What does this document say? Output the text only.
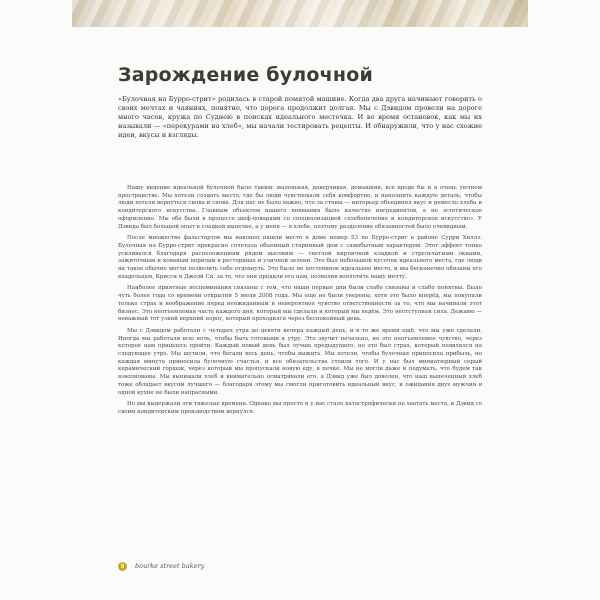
Зарождение булочной

«Булочная на Бурро-стрит» родилась в старой помятой машине. Когда два друга начинают говорить о своих мечтах и чаяниях, понятно, что дорога продолжит долгая. Мы с Дэвидом провели на дороге много часов, кружа по Суднею в поисках идеального местечка. И во время остановок, как мы их называли — «перекурами на хлеб», мы начали тестировать рецепты. И обнаружили, что у нас схожие идеи, вкусы и взгляды.

Нашу видение идеальной булочной было таким: маленькая, доверчивая, домашняя, все вроде бы и в очень уютном пространстве. Мы хотели создать место, где бы люди чувствовали себя комфортно, и наполнить каждую деталь, чтобы люди хотели вернуться снова и снова. Для нас не было важно, что за стены — интерьер объединял вкус и ремесло хлеба и кондитерского искусства. Главным объектом нашего внимания было качество ингредиентов, а не эстетическое оформление. Мы обе были в процессе шеф-поварами со специализацией «хлебопечение и кондитерское искусство». У Дэвида был большой опыт в сладкой выпечке, а у меня — в хлебе, поэтому разделение обязанностей было очевидным.

После множества фальстартов мы наконец нашли место в доме номер 53 по Бурро-стрит в районе Сурри Хиллз. Булочная на Бурро-стрит прекрасно сочетала объемный старинный дом с самобытным характером. Этот эффект тонко усиливался благодаря расположенным рядом высоким — светлой кирпичной кладкой и стрельчатыми окнами, зажиточным и кованым перилам в ресторанах и уличной зелени. Это был небольшой кусочек идеального места, где люди на такое обычно могли позволить себе отдохнуть. Это было не постоянное идеальное место, и мы бесконечно обязаны его владельцам, Крисси и Джоэй Си, за то, что они продали его нам, позволив воплотить нашу мечту.

Наиболее приятные воспоминания связаны с тем, что наши первые дни были слабо связаны и слабо понятны. Было чуть более года со времени открытия 5 июля 2008 года. Мы еще не были уверены, хотя это было вперёд, мы покупали только страх и воображение перед неожиданным и невероятное чувство ответственности за то, что мы начинали этот бизнес. Это неотъемлемая часть каждого дня, который мы сделали и который мы ведём. Это неотступная сила. Дежавю — неважный тот узкий верхний порог, который проходился через беспокойный день.

Мы с Дэвидом работали с четырех утра до девяти вечера каждый день, и в то же время ещё, что мы уже сделали. Иногда мы работали всю ночь, чтобы быть готовыми к утру. Это звучит печально, но это неотъемлемое чувство, через которое нам пришлось пройти. Каждый новый день был лучше предыдущего, но это был страх, который появлялся на следующее утро. Мы шутили, что бегали весь день, чтобы выжить. Мы хотели, чтобы булочная приносила прибыль, но каждая минута приносила булочную счастья, и все обязательства стоили того. И у нас был миниатюрный серый керамический горшок, через который мы пропускали новую еду, в печке. Мы не могли даже и подумать, что будем так взволнованы. Мы вынимали хлеб и внимательно осматривали его, а Дэвид уже был доволен, что наш выпеченный хлеб тоже обладает вкусом лучшего — благодаря этому мы смогли приготовить идеальный вкус, и ожидания двух мужчин в одной кухне не были напрасными.

Но мы выдержали эти тяжелые времена. Однако мы просто и у нас стало катастрофически не хватать места, и Дэвид со своим кондитерским производством вернулся.

8	bourke street bakery
